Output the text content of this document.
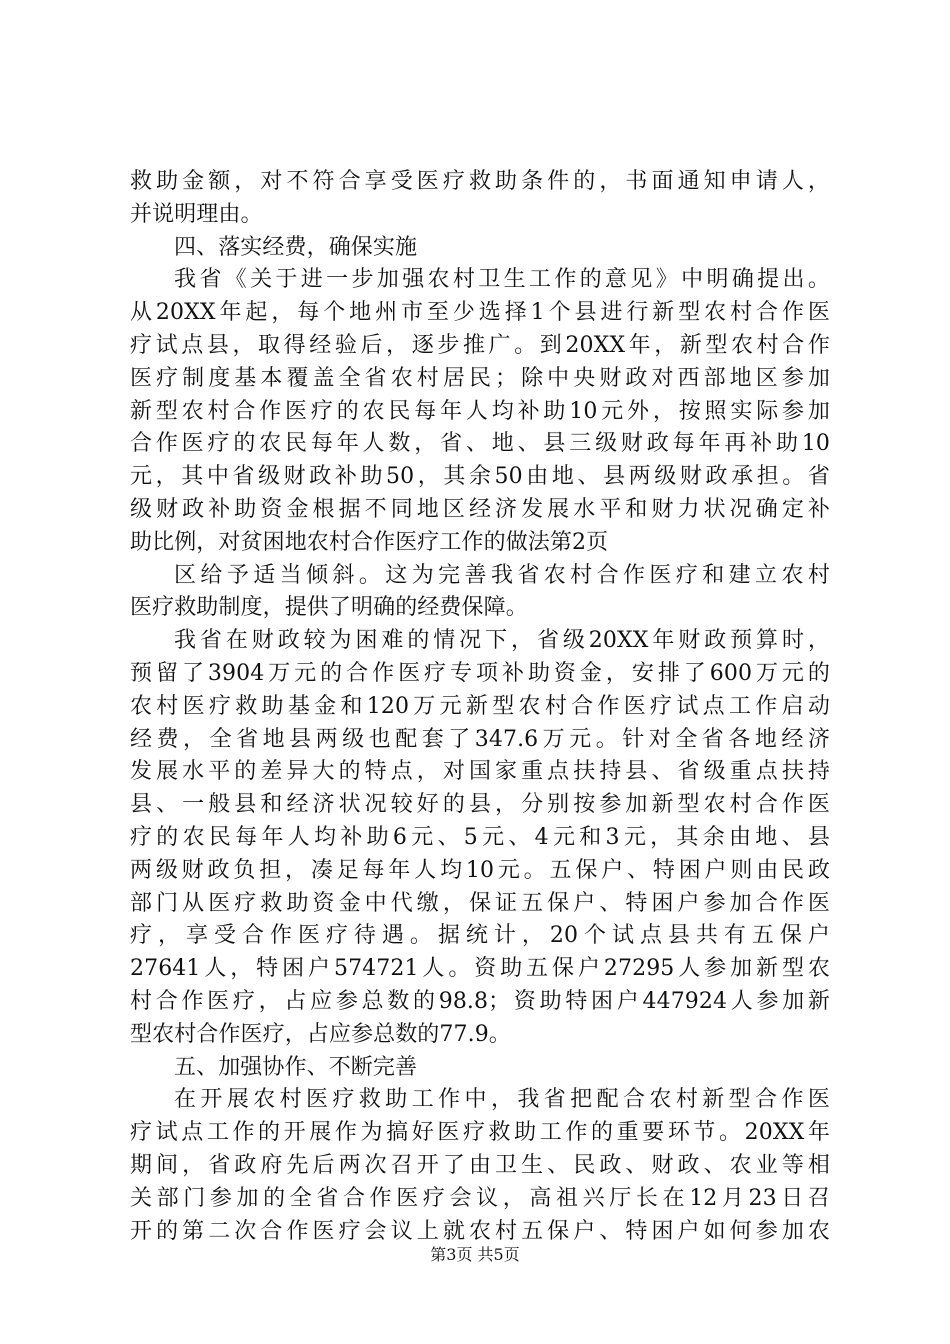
救助金额，对不符合享受医疗救助条件的，书面通知申请人，
并说明理由。
四、落实经费，确保实施
我省《关于进一步加强农村卫生工作的意见》中明确提出。
从20XX年起，每个地州市至少选择1个县进行新型农村合作医
疗试点县，取得经验后，逐步推广。到20XX年，新型农村合作
医疗制度基本覆盖全省农村居民；除中央财政对西部地区参加
新型农村合作医疗的农民每年人均补助10元外，按照实际参加
合作医疗的农民每年人数，省、地、县三级财政每年再补助10
元，其中省级财政补助50，其余50由地、县两级财政承担。省
级财政补助资金根据不同地区经济发展水平和财力状况确定补
助比例，对贫困地农村合作医疗工作的做法第2页
区给予适当倾斜。这为完善我省农村合作医疗和建立农村
医疗救助制度，提供了明确的经费保障。
我省在财政较为困难的情况下，省级20XX年财政预算时，
预留了3904万元的合作医疗专项补助资金，安排了600万元的
农村医疗救助基金和120万元新型农村合作医疗试点工作启动
经费，全省地县两级也配套了347.6万元。针对全省各地经济
发展水平的差异大的特点，对国家重点扶持县、省级重点扶持
县、一般县和经济状况较好的县，分别按参加新型农村合作医
疗的农民每年人均补助6元、5元、4元和3元，其余由地、县
两级财政负担，凑足每年人均10元。五保户、特困户则由民政
部门从医疗救助资金中代缴，保证五保户、特困户参加合作医
疗，享受合作医疗待遇。据统计，20个试点县共有五保户
27641人，特困户574721人。资助五保户27295人参加新型农
村合作医疗，占应参总数的98.8；资助特困户447924人参加新
型农村合作医疗，占应参总数的77.9。
五、加强协作、不断完善
在开展农村医疗救助工作中，我省把配合农村新型合作医
疗试点工作的开展作为搞好医疗救助工作的重要环节。20XX年
期间，省政府先后两次召开了由卫生、民政、财政、农业等相
关部门参加的全省合作医疗会议，高祖兴厅长在12月23日召
开的第二次合作医疗会议上就农村五保户、特困户如何参加农
第3页 共5页
